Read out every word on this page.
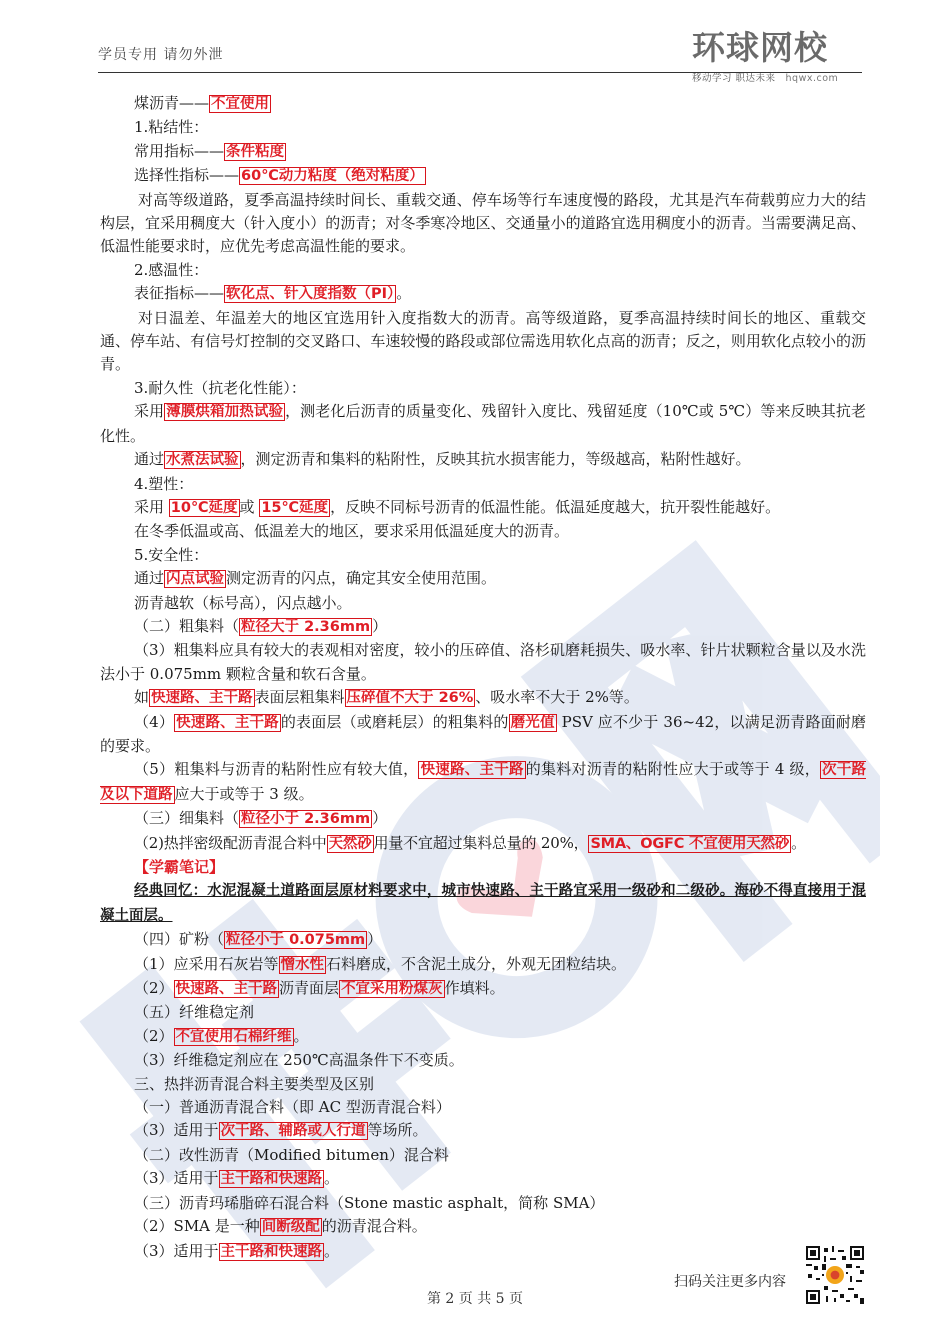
学员专用 请勿外泄	环球网校
移动学习 职达未来 hqwx.com

煤沥青—— 不宜使用

1.粘结性：

常用指标—— 条件粘度

选择性指标—— 60℃动力粘度（绝对粘度）

对高等级道路，夏季高温持续时间长、重载交通、停车场等行车速度慢的路段，尤其是汽车荷载剪应力大的结构层，宜采用稠度大（针入度小）的沥青；对冬季寒冷地区、交通量小的道路宜选用稠度小的沥青。当需要满足高、低温性能要求时，应优先考虑高温性能的要求。

2.感温性：

表征指标—— 软化点、针入度指数（PI） 。

对日温差、年温差大的地区宜选用针入度指数大的沥青。高等级道路，夏季高温持续时间长的地区、重载交通、停车站、有信号灯控制的交叉路口、车速较慢的路段或部位需选用软化点高的沥青；反之，则用软化点较小的沥青。

3.耐久性（抗老化性能）：

采用 薄膜烘箱加热试验 ，测老化后沥青的质量变化、残留针入度比、残留延度（10℃或 5℃）等来反映其抗老化性。

通过 水煮法试验 ，测定沥青和集料的粘附性，反映其抗水损害能力，等级越高，粘附性越好。

4.塑性：

采用 10℃延度 或 15℃延度 ，反映不同标号沥青的低温性能。低温延度越大，抗开裂性能越好。

在冬季低温或高、低温差大的地区，要求采用低温延度大的沥青。

5.安全性：

通过 闪点试验 测定沥青的闪点，确定其安全使用范围。

沥青越软（标号高），闪点越小。

（二）粗集料（ 粒径大于 2.36mm ）

（3）粗集料应具有较大的表观相对密度，较小的压碎值、洛杉矶磨耗损失、吸水率、针片状颗粒含量以及水洗法小于 0.075mm 颗粒含量和软石含量。

如 快速路、主干路 表面层粗集料 压碎值不大于 26% 、吸水率不大于 2%等。

（4） 快速路、主干路 的表面层（或磨耗层）的粗集料的 磨光值 PSV 应不少于 36~42，以满足沥青路面耐磨的要求。

（5）粗集料与沥青的粘附性应有较大值， 快速路、主干路 的集料对沥青的粘附性应大于或等于 4 级， 次干路及以下道路 应大于或等于 3 级。

（三）细集料（ 粒径小于 2.36mm ）

（2)热拌密级配沥青混合料中 天然砂 用量不宜超过集料总量的 20%， SMA、OGFC 不宜使用天然砂 。

【学霸笔记】

经典回忆：水泥混凝土道路面层原材料要求中，城市快速路、主干路宜采用一级砂和二级砂。海砂不得直接用于混凝土面层。

（四）矿粉（ 粒径小于 0.075mm ）

（1）应采用石灰岩等 憎水性 石料磨成，不含泥土成分，外观无团粒结块。

（2） 快速路、主干路 沥青面层 不宜采用粉煤灰 作填料。

（五）纤维稳定剂

（2） 不宜使用石棉纤维 。

（3）纤维稳定剂应在 250℃高温条件下不变质。

三、热拌沥青混合料主要类型及区别

（一）普通沥青混合料（即 AC 型沥青混合料）

（3）适用于 次干路、辅路或人行道 等场所。

（二）改性沥青（Modified bitumen）混合料

（3）适用于 主干路和快速路 。

（三）沥青玛琋脂碎石混合料（Stone mastic asphalt，简称 SMA）

（2）SMA 是一种 间断级配 的沥青混合料。

（3）适用于 主干路和快速路 。

扫码关注更多内容
第 2 页 共 5 页
